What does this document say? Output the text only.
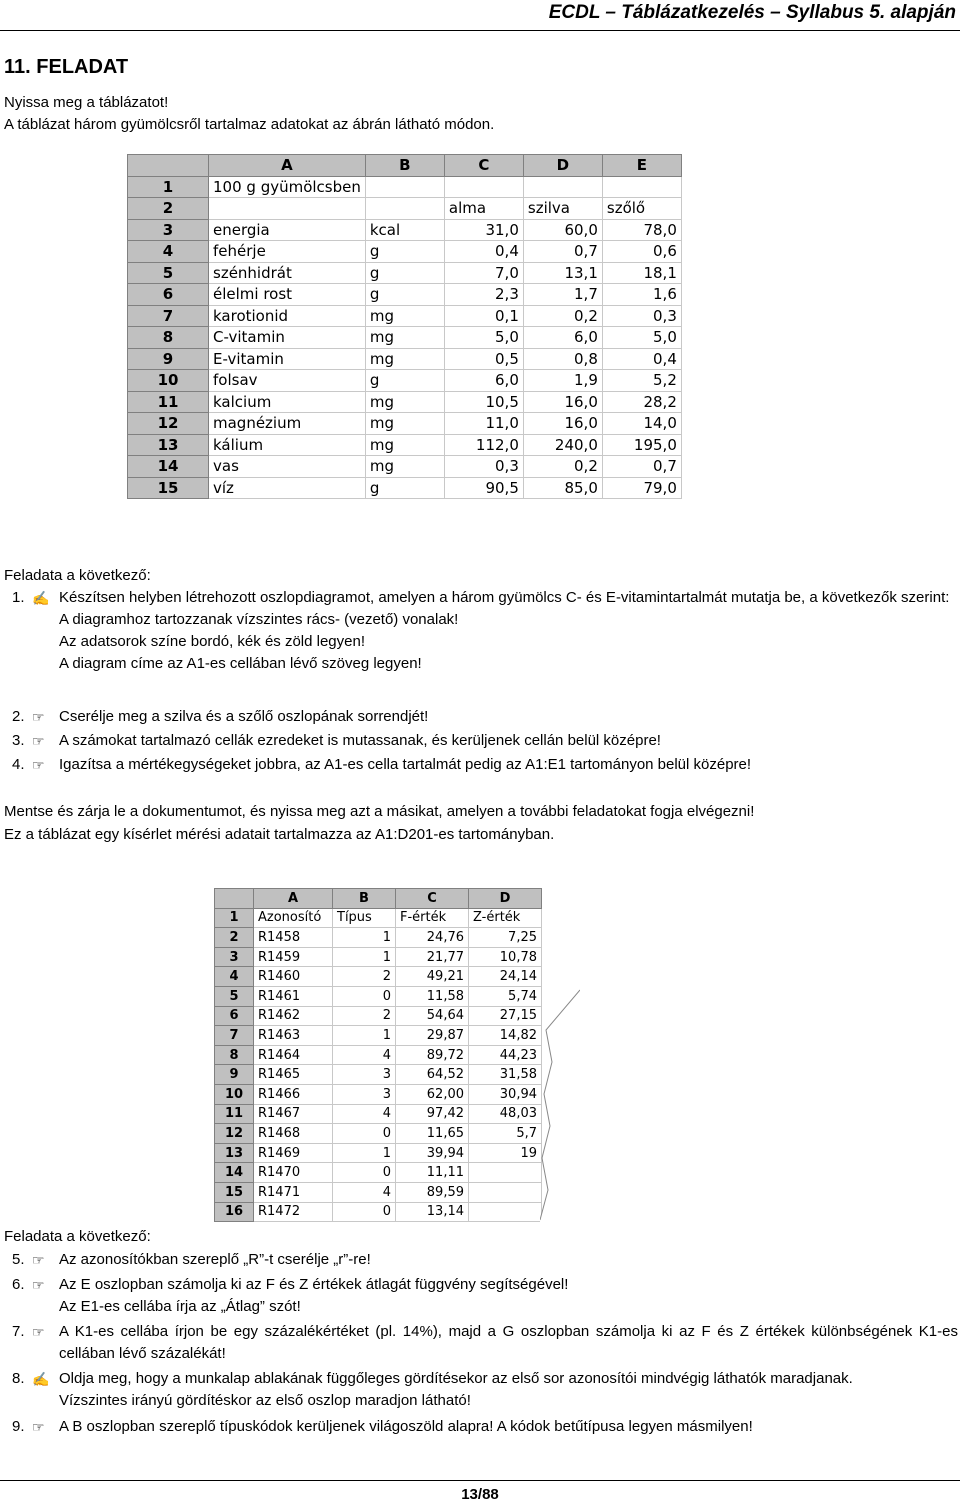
ECDL – Táblázatkezelés – Syllabus 5. alapján
11. FELADAT
Nyissa meg a táblázatot!
A táblázat három gyümölcsről tartalmaz adatokat az ábrán látható módon.
	A	B	C	D	E
1	100 g gyümölcsben				
2			alma	szilva	szőlő
3	energia	kcal	31,0	60,0	78,0
4	fehérje	g	0,4	0,7	0,6
5	szénhidrát	g	7,0	13,1	18,1
6	élelmi rost	g	2,3	1,7	1,6
7	karotionid	mg	0,1	0,2	0,3
8	C-vitamin	mg	5,0	6,0	5,0
9	E-vitamin	mg	0,5	0,8	0,4
10	folsav	g	6,0	1,9	5,2
11	kalcium	mg	10,5	16,0	28,2
12	magnézium	mg	11,0	16,0	14,0
13	kálium	mg	112,0	240,0	195,0
14	vas	mg	0,3	0,2	0,7
15	víz	g	90,5	85,0	79,0
Feladata a következő:
1. ✍ Készítsen helyben létrehozott oszlopdiagramot, amelyen a három gyümölcs C- és E-vitamintartalmát mutatja be, a következők szerint:
A diagramhoz tartozzanak vízszintes rács- (vezető) vonalak!
Az adatsorok színe bordó, kék és zöld legyen!
A diagram címe az A1-es cellában lévő szöveg legyen!
2. ☞ Cserélje meg a szilva és a szőlő oszlopának sorrendjét!
3. ☞ A számokat tartalmazó cellák ezredeket is mutassanak, és kerüljenek cellán belül középre!
4. ☞ Igazítsa a mértékegységeket jobbra, az A1-es cella tartalmát pedig az A1:E1 tartományon belül középre!
Mentse és zárja le a dokumentumot, és nyissa meg azt a másikat, amelyen a további feladatokat fogja elvégezni!
Ez a táblázat egy kísérlet mérési adatait tartalmazza az A1:D201-es tartományban.
	A	B	C	D
1	Azonosító	Típus	F-érték	Z-érték
2	R1458	1	24,76	7,25
3	R1459	1	21,77	10,78
4	R1460	2	49,21	24,14
5	R1461	0	11,58	5,74
6	R1462	2	54,64	27,15
7	R1463	1	29,87	14,82
8	R1464	4	89,72	44,23
9	R1465	3	64,52	31,58
10	R1466	3	62,00	30,94
11	R1467	4	97,42	48,03
12	R1468	0	11,65	5,7
13	R1469	1	39,94	19
14	R1470	0	11,11	
15	R1471	4	89,59	
16	R1472	0	13,14	
Feladata a következő:
5. ☞ Az azonosítókban szereplő „R”-t cserélje „r”-re!
6. ☞ Az E oszlopban számolja ki az F és Z értékek átlagát függvény segítségével!
Az E1-es cellába írja az „Átlag” szót!
7. ☞ A K1-es cellába írjon be egy százalékértéket (pl. 14%), majd a G oszlopban számolja ki az F és Z értékek különbségének K1-es cellában lévő százalékát!
8. ✍ Oldja meg, hogy a munkalap ablakának függőleges gördítésekor az első sor azonosítói mindvégig láthatók maradjanak.
Vízszintes irányú gördítéskor az első oszlop maradjon látható!
9. ☞ A B oszlopban szereplő típuskódok kerüljenek világoszöld alapra! A kódok betűtípusa legyen másmilyen!
13/88
